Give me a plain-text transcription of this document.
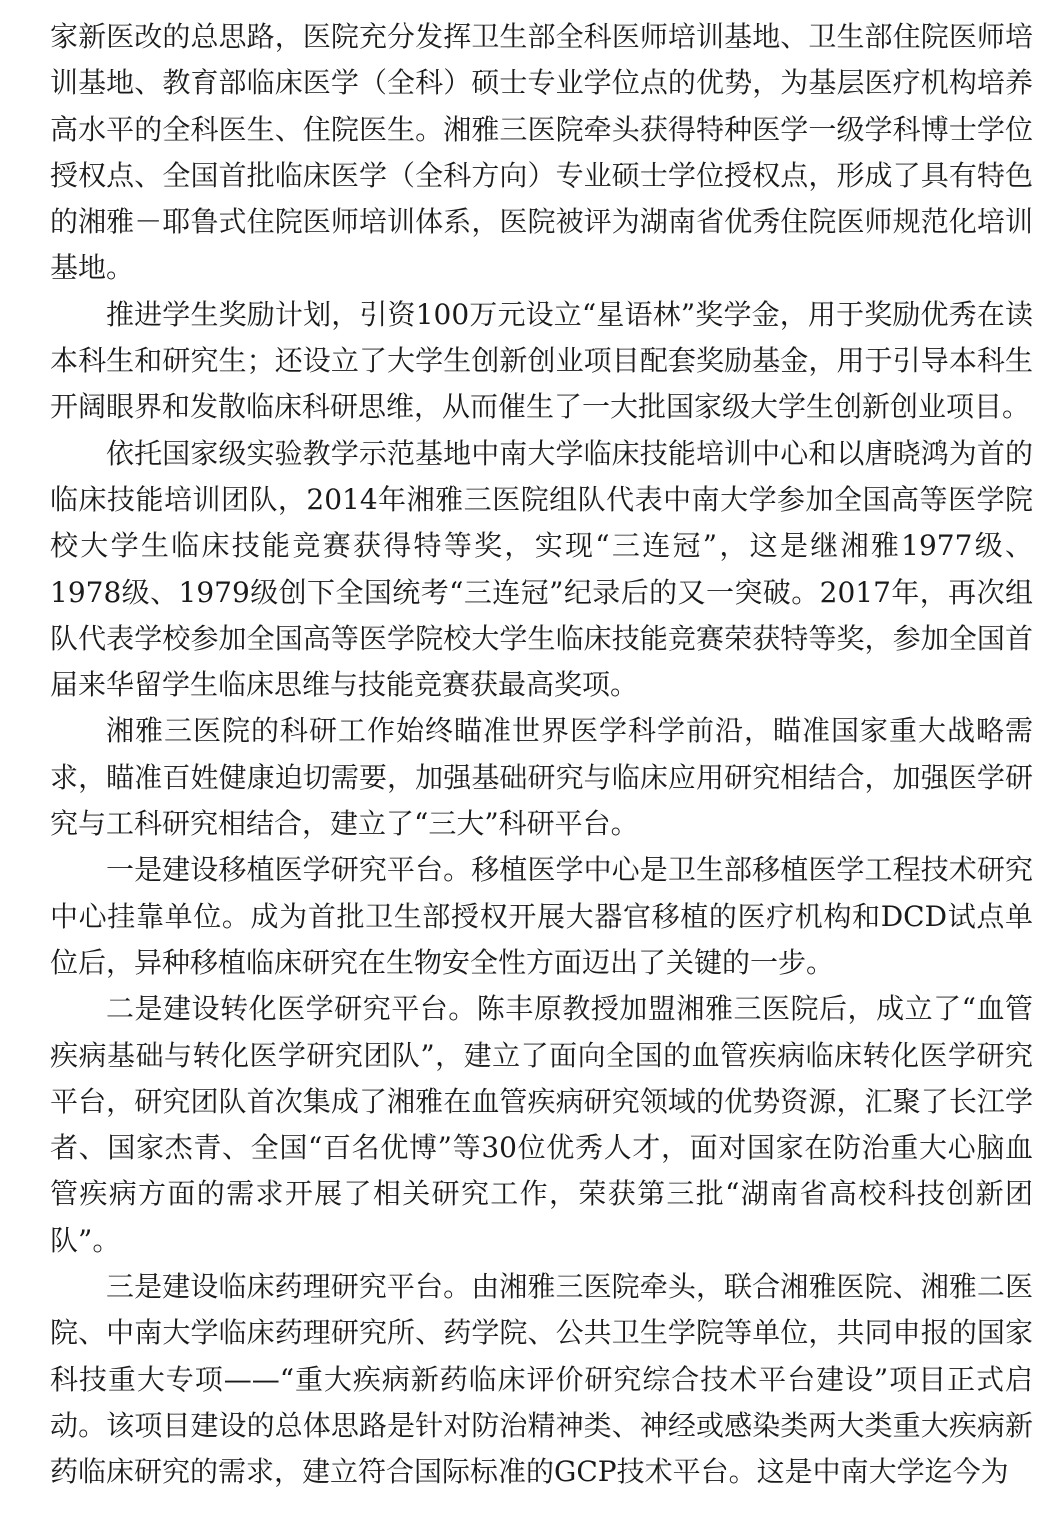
家新医改的总思路，医院充分发挥卫生部全科医师培训基地、卫生部住院医师培训基地、教育部临床医学（全科）硕士专业学位点的优势，为基层医疗机构培养高水平的全科医生、住院医生。湘雅三医院牵头获得特种医学一级学科博士学位授权点、全国首批临床医学（全科方向）专业硕士学位授权点，形成了具有特色的湘雅－耶鲁式住院医师培训体系，医院被评为湖南省优秀住院医师规范化培训基地。

推进学生奖励计划，引资100万元设立“星语林”奖学金，用于奖励优秀在读本科生和研究生；还设立了大学生创新创业项目配套奖励基金，用于引导本科生开阔眼界和发散临床科研思维，从而催生了一大批国家级大学生创新创业项目。

依托国家级实验教学示范基地中南大学临床技能培训中心和以唐晓鸿为首的临床技能培训团队，2014年湘雅三医院组队代表中南大学参加全国高等医学院校大学生临床技能竞赛获得特等奖，实现“三连冠”，这是继湘雅1977级、1978级、1979级创下全国统考“三连冠”纪录后的又一突破。2017年，再次组队代表学校参加全国高等医学院校大学生临床技能竞赛荣获特等奖，参加全国首届来华留学生临床思维与技能竞赛获最高奖项。

湘雅三医院的科研工作始终瞄准世界医学科学前沿，瞄准国家重大战略需求，瞄准百姓健康迫切需要，加强基础研究与临床应用研究相结合，加强医学研究与工科研究相结合，建立了“三大”科研平台。

一是建设移植医学研究平台。移植医学中心是卫生部移植医学工程技术研究中心挂靠单位。成为首批卫生部授权开展大器官移植的医疗机构和DCD试点单位后，异种移植临床研究在生物安全性方面迈出了关键的一步。

二是建设转化医学研究平台。陈丰原教授加盟湘雅三医院后，成立了“血管疾病基础与转化医学研究团队”，建立了面向全国的血管疾病临床转化医学研究平台，研究团队首次集成了湘雅在血管疾病研究领域的优势资源，汇聚了长江学者、国家杰青、全国“百名优博”等30位优秀人才，面对国家在防治重大心脑血管疾病方面的需求开展了相关研究工作，荣获第三批“湖南省高校科技创新团队”。

三是建设临床药理研究平台。由湘雅三医院牵头，联合湘雅医院、湘雅二医院、中南大学临床药理研究所、药学院、公共卫生学院等单位，共同申报的国家科技重大专项——“重大疾病新药临床评价研究综合技术平台建设”项目正式启动。该项目建设的总体思路是针对防治精神类、神经或感染类两大类重大疾病新药临床研究的需求，建立符合国际标准的GCP技术平台。这是中南大学迄今为
